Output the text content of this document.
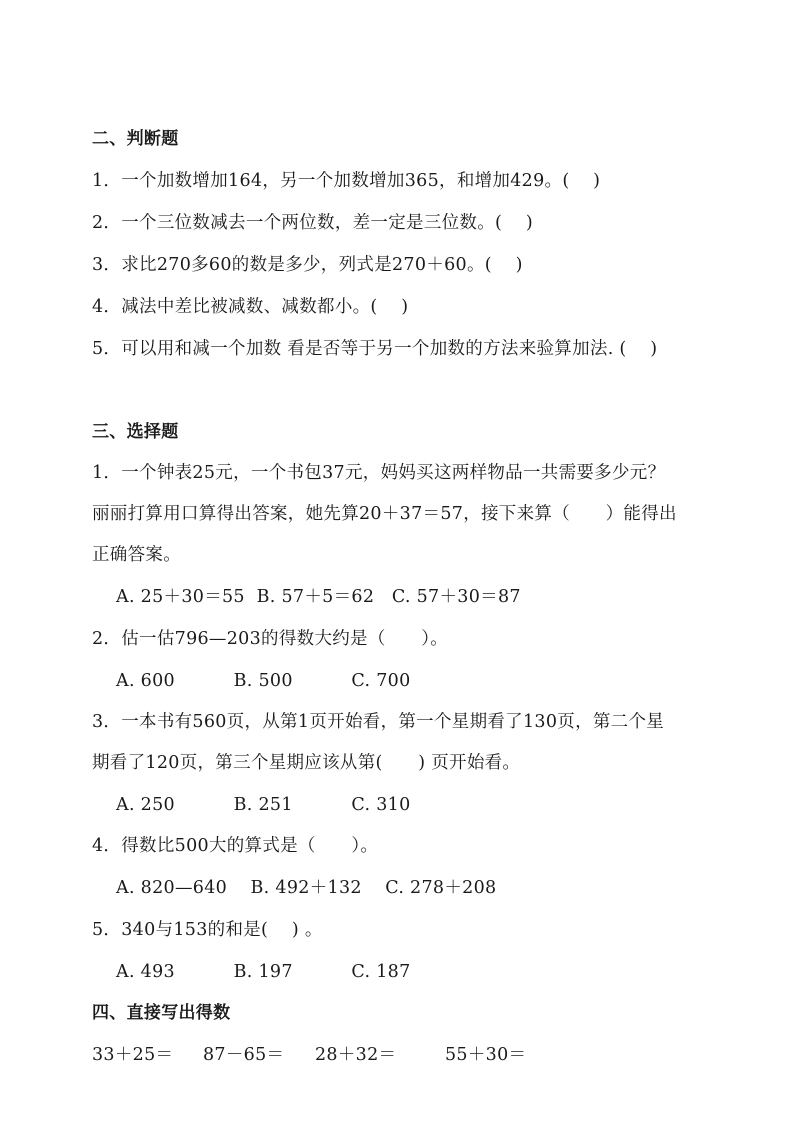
二、判断题
1．一个加数增加164，另一个加数增加365，和增加429。(　 )
2．一个三位数减去一个两位数，差一定是三位数。(　 )
3．求比270多60的数是多少，列式是270＋60。(　 )
4．减法中差比被减数、减数都小。(　 )
5．可以用和减一个加数 看是否等于另一个加数的方法来验算加法. (　 )
三、选择题
1．一个钟表25元，一个书包37元，妈妈买这两样物品一共需要多少元？
丽丽打算用口算得出答案，她先算20＋37＝57，接下来算（　　）能得出
正确答案。
A. 25＋30＝55  B. 57＋5＝62   C. 57＋30＝87
2．估一估796—203的得数大约是（　　）。
A. 600          B. 500          C. 700
3．一本书有560页，从第1页开始看，第一个星期看了130页，第二个星
期看了120页，第三个星期应该从第(　　) 页开始看。
A. 250          B. 251          C. 310
4．得数比500大的算式是（　　）。
A. 820—640    B. 492＋132    C. 278＋208
5．340与153的和是(　 ) 。
A. 493          B. 197          C. 187
四、直接写出得数
33＋25＝ 87－65＝ 28＋32＝	55＋30＝
